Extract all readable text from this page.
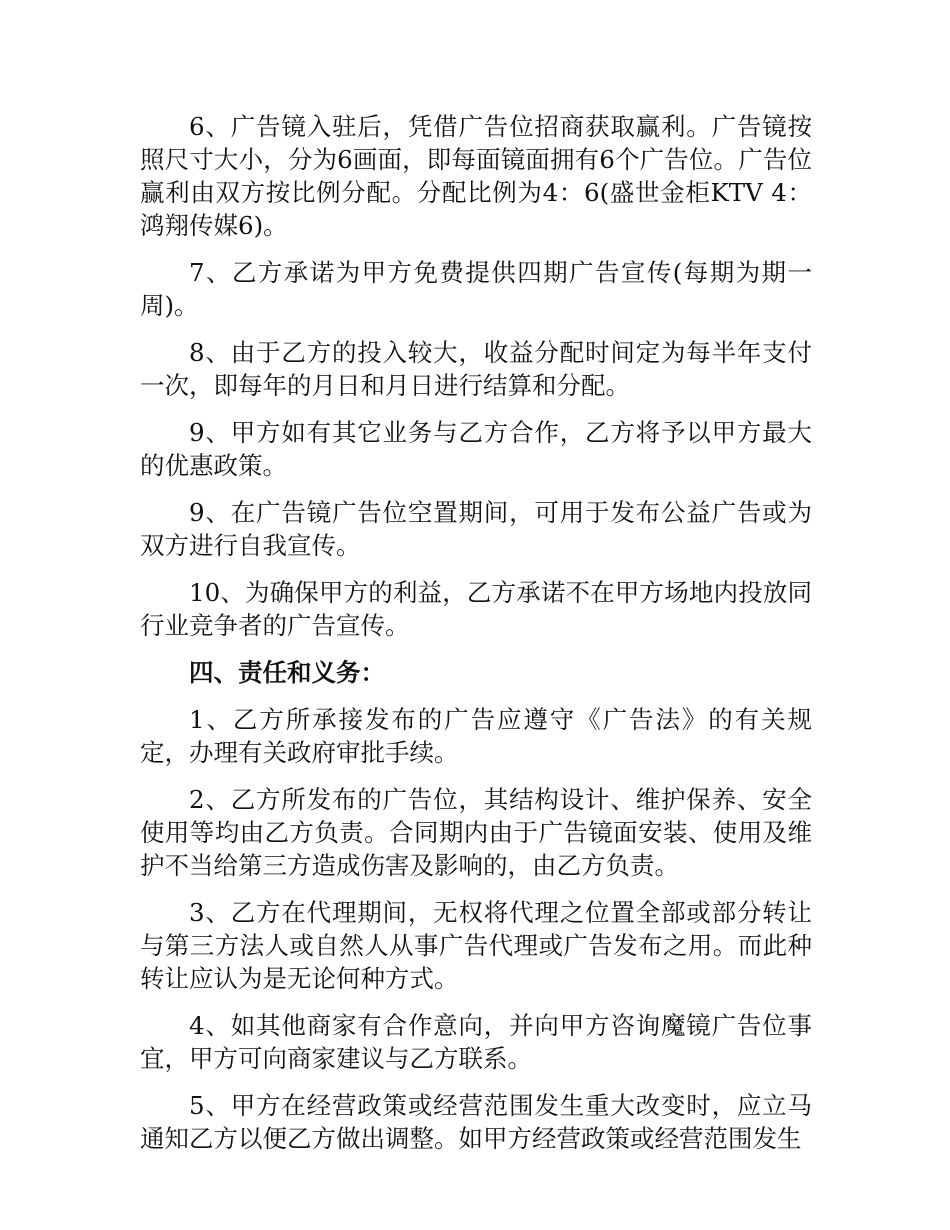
6、广告镜入驻后，凭借广告位招商获取赢利。广告镜按照尺寸大小，分为6画面，即每面镜面拥有6个广告位。广告位赢利由双方按比例分配。分配比例为4：6(盛世金柜KTV 4：鸿翔传媒6)。

7、乙方承诺为甲方免费提供四期广告宣传(每期为期一周)。

8、由于乙方的投入较大，收益分配时间定为每半年支付一次，即每年的月日和月日进行结算和分配。

9、甲方如有其它业务与乙方合作，乙方将予以甲方最大的优惠政策。

9、在广告镜广告位空置期间，可用于发布公益广告或为双方进行自我宣传。

10、为确保甲方的利益，乙方承诺不在甲方场地内投放同行业竞争者的广告宣传。

四、责任和义务：

1、乙方所承接发布的广告应遵守《广告法》的有关规定，办理有关政府审批手续。

2、乙方所发布的广告位，其结构设计、维护保养、安全使用等均由乙方负责。合同期内由于广告镜面安装、使用及维护不当给第三方造成伤害及影响的，由乙方负责。

3、乙方在代理期间，无权将代理之位置全部或部分转让与第三方法人或自然人从事广告代理或广告发布之用。而此种转让应认为是无论何种方式。

4、如其他商家有合作意向，并向甲方咨询魔镜广告位事宜，甲方可向商家建议与乙方联系。

5、甲方在经营政策或经营范围发生重大改变时，应立马通知乙方以便乙方做出调整。如甲方经营政策或经营范围发生
